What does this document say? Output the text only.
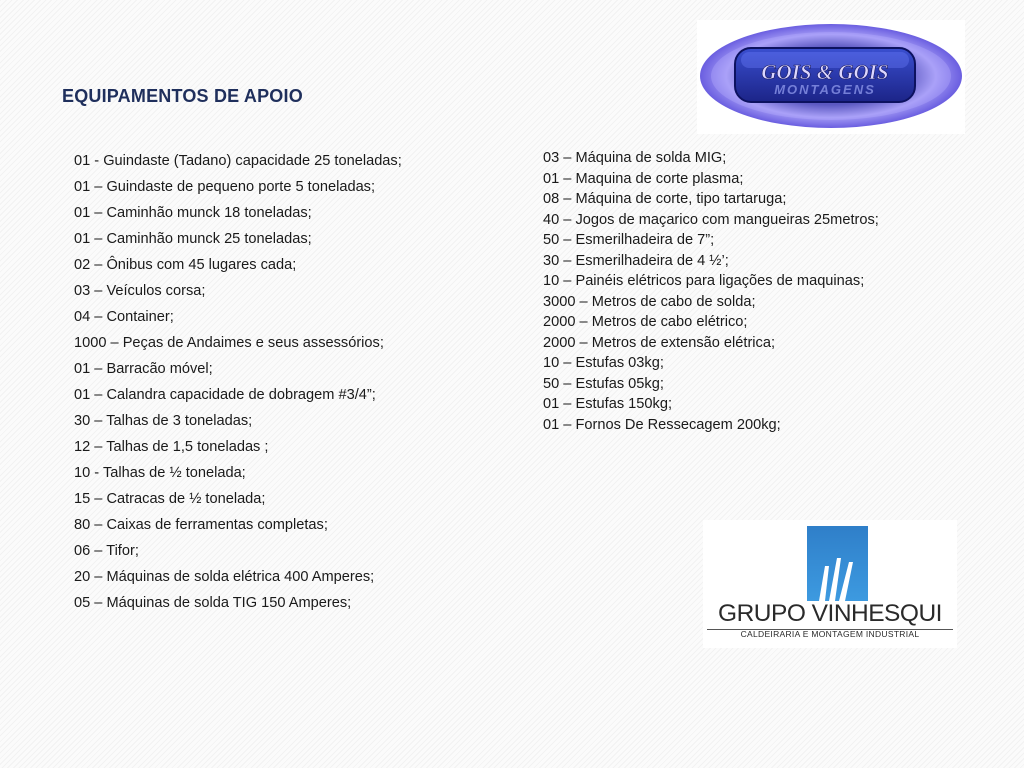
EQUIPAMENTOS DE APOIO
01 - Guindaste (Tadano) capacidade 25 toneladas;
01 – Guindaste de pequeno porte 5 toneladas;
01 – Caminhão munck 18 toneladas;
01 – Caminhão munck 25 toneladas;
02 – Ônibus com 45 lugares cada;
03 – Veículos corsa;
04 – Container;
1000 – Peças de Andaimes e seus assessórios;
01 – Barracão móvel;
01 – Calandra capacidade de dobragem #3/4”;
30 – Talhas de 3 toneladas;
12 – Talhas de 1,5 toneladas ;
10 - Talhas de ½ tonelada;
15 – Catracas de ½ tonelada;
80 – Caixas de ferramentas completas;
06 – Tifor;
20 – Máquinas de solda elétrica 400 Amperes;
05 – Máquinas de solda TIG 150 Amperes;
03 – Máquina de solda MIG;
01 – Maquina de corte plasma;
08 – Máquina de corte, tipo tartaruga;
40 – Jogos de maçarico com mangueiras 25metros;
50 – Esmerilhadeira de 7”;
30 – Esmerilhadeira de 4 ½’;
10 – Painéis elétricos para ligações de maquinas;
3000 – Metros de cabo de solda;
2000 – Metros de cabo elétrico;
2000 – Metros de extensão elétrica;
10 – Estufas 03kg;
50 – Estufas 05kg;
01 – Estufas 150kg;
01 – Fornos De Ressecagem 200kg;
GOIS & GOIS
MONTAGENS
GRUPO VINHESQUI
CALDEIRARIA E MONTAGEM INDUSTRIAL
